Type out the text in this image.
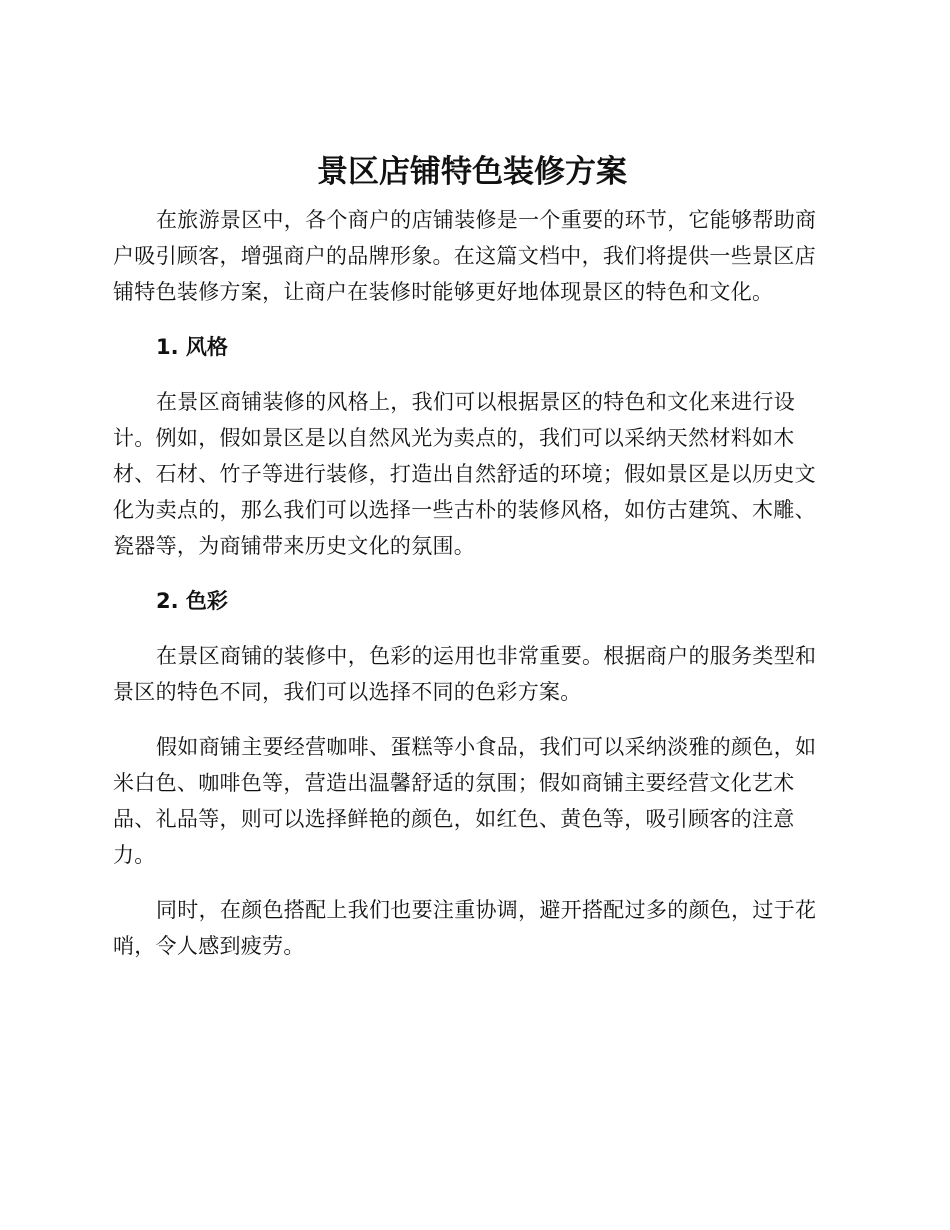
景区店铺特色装修方案

在旅游景区中，各个商户的店铺装修是一个重要的环节，它能够帮助商户吸引顾客，增强商户的品牌形象。在这篇文档中，我们将提供一些景区店铺特色装修方案，让商户在装修时能够更好地体现景区的特色和文化。

1. 风格

在景区商铺装修的风格上，我们可以根据景区的特色和文化来进行设计。例如，假如景区是以自然风光为卖点的，我们可以采纳天然材料如木材、石材、竹子等进行装修，打造出自然舒适的环境；假如景区是以历史文化为卖点的，那么我们可以选择一些古朴的装修风格，如仿古建筑、木雕、瓷器等，为商铺带来历史文化的氛围。

2. 色彩

在景区商铺的装修中，色彩的运用也非常重要。根据商户的服务类型和景区的特色不同，我们可以选择不同的色彩方案。

假如商铺主要经营咖啡、蛋糕等小食品，我们可以采纳淡雅的颜色，如米白色、咖啡色等，营造出温馨舒适的氛围；假如商铺主要经营文化艺术品、礼品等，则可以选择鲜艳的颜色，如红色、黄色等，吸引顾客的注意力。

同时，在颜色搭配上我们也要注重协调，避开搭配过多的颜色，过于花哨，令人感到疲劳。
